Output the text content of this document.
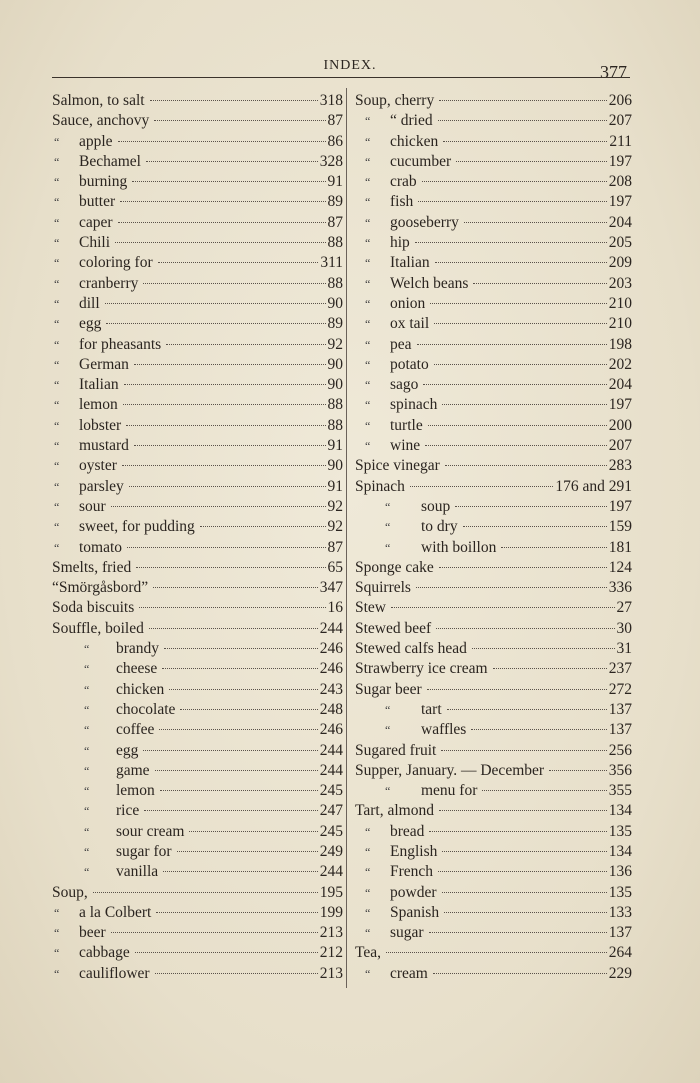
INDEX.	377
Salmon, to salt	318
Sauce, anchovy	87
“	apple	86
“	Bechamel	328
“	burning	91
“	butter	89
“	caper	87
“	Chili	88
“	coloring for	311
“	cranberry	88
“	dill	90
“	egg	89
“	for pheasants	92
“	German	90
“	Italian	90
“	lemon	88
“	lobster	88
“	mustard	91
“	oyster	90
“	parsley	91
“	sour	92
“	sweet, for pudding	92
“	tomato	87
Smelts, fried	65
“Smörgåsbord”	347
Soda biscuits	16
Souffle, boiled	244
“	brandy	246
“	cheese	246
“	chicken	243
“	chocolate	248
“	coffee	246
“	egg	244
“	game	244
“	lemon	245
“	rice	247
“	sour cream	245
“	sugar for	249
“	vanilla	244
Soup,	195
“	a la Colbert	199
“	beer	213
“	cabbage	212
“	cauliflower	213
Soup, cherry	206
“	“ dried	207
“	chicken	211
“	cucumber	197
“	crab	208
“	fish	197
“	gooseberry	204
“	hip	205
“	Italian	209
“	Welch beans	203
“	onion	210
“	ox tail	210
“	pea	198
“	potato	202
“	sago	204
“	spinach	197
“	turtle	200
“	wine	207
Spice vinegar	283
Spinach	176 and 291
“	soup	197
“	to dry	159
“	with boillon	181
Sponge cake	124
Squirrels	336
Stew	27
Stewed beef	30
Stewed calfs head	31
Strawberry ice cream	237
Sugar beer	272
“	tart	137
“	waffles	137
Sugared fruit	256
Supper, January. — December	356
“	menu for	355
Tart, almond	134
“	bread	135
“	English	134
“	French	136
“	powder	135
“	Spanish	133
“	sugar	137
Tea,	264
“	cream	229
